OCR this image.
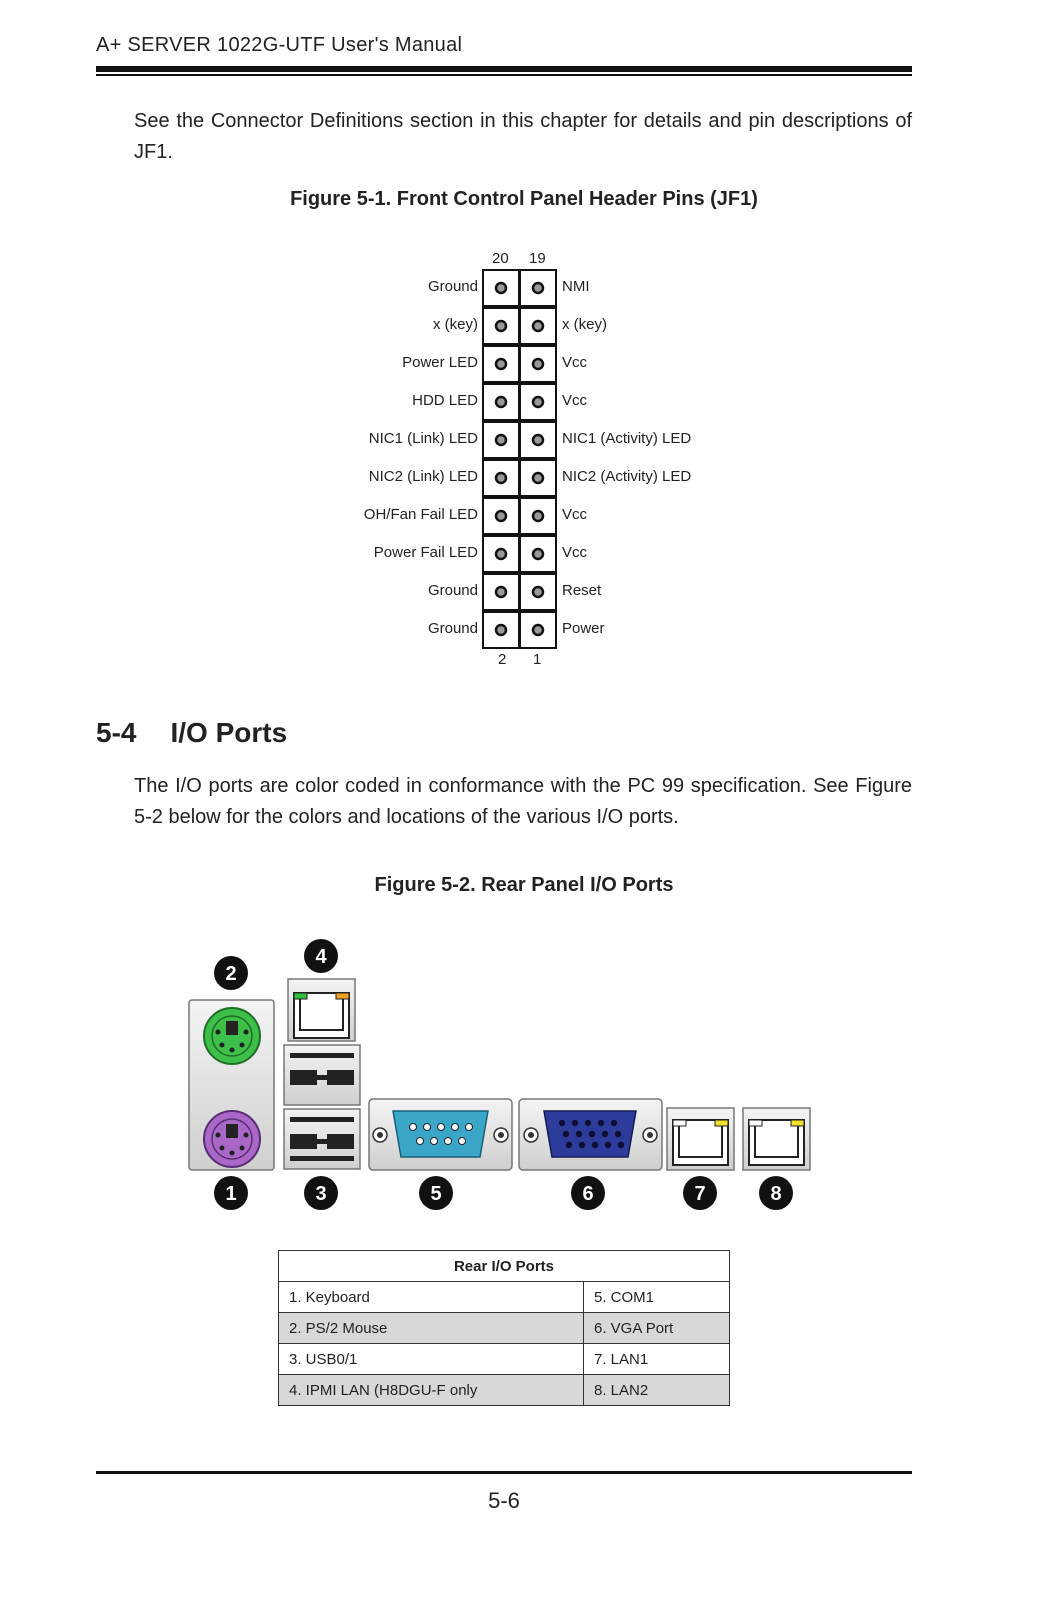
A+ SERVER 1022G-UTF User's Manual
See the Connector Definitions section in this chapter for details and pin descriptions of JF1.
Figure 5-1. Front Control Panel Header Pins (JF1)
20 19
Ground	NMI
x (key)	x (key)
Power LED	Vcc
HDD LED	Vcc
NIC1 (Link) LED	NIC1 (Activity) LED
NIC2 (Link) LED	NIC2 (Activity) LED
OH/Fan Fail LED	Vcc
Power Fail LED	Vcc
Ground	Reset
Ground	Power
2 1
5-4 I/O Ports
The I/O ports are color coded in conformance with the PC 99 specification. See Figure 5-2 below for the colors and locations of the various I/O ports.
Figure 5-2. Rear Panel I/O Ports
2
4
1	3	5	6	7	8
Rear I/O Ports	
1. Keyboard	5. COM1
2. PS/2 Mouse	6. VGA Port
3. USB0/1	7. LAN1
4. IPMI LAN (H8DGU-F only	8. LAN2
5-6
